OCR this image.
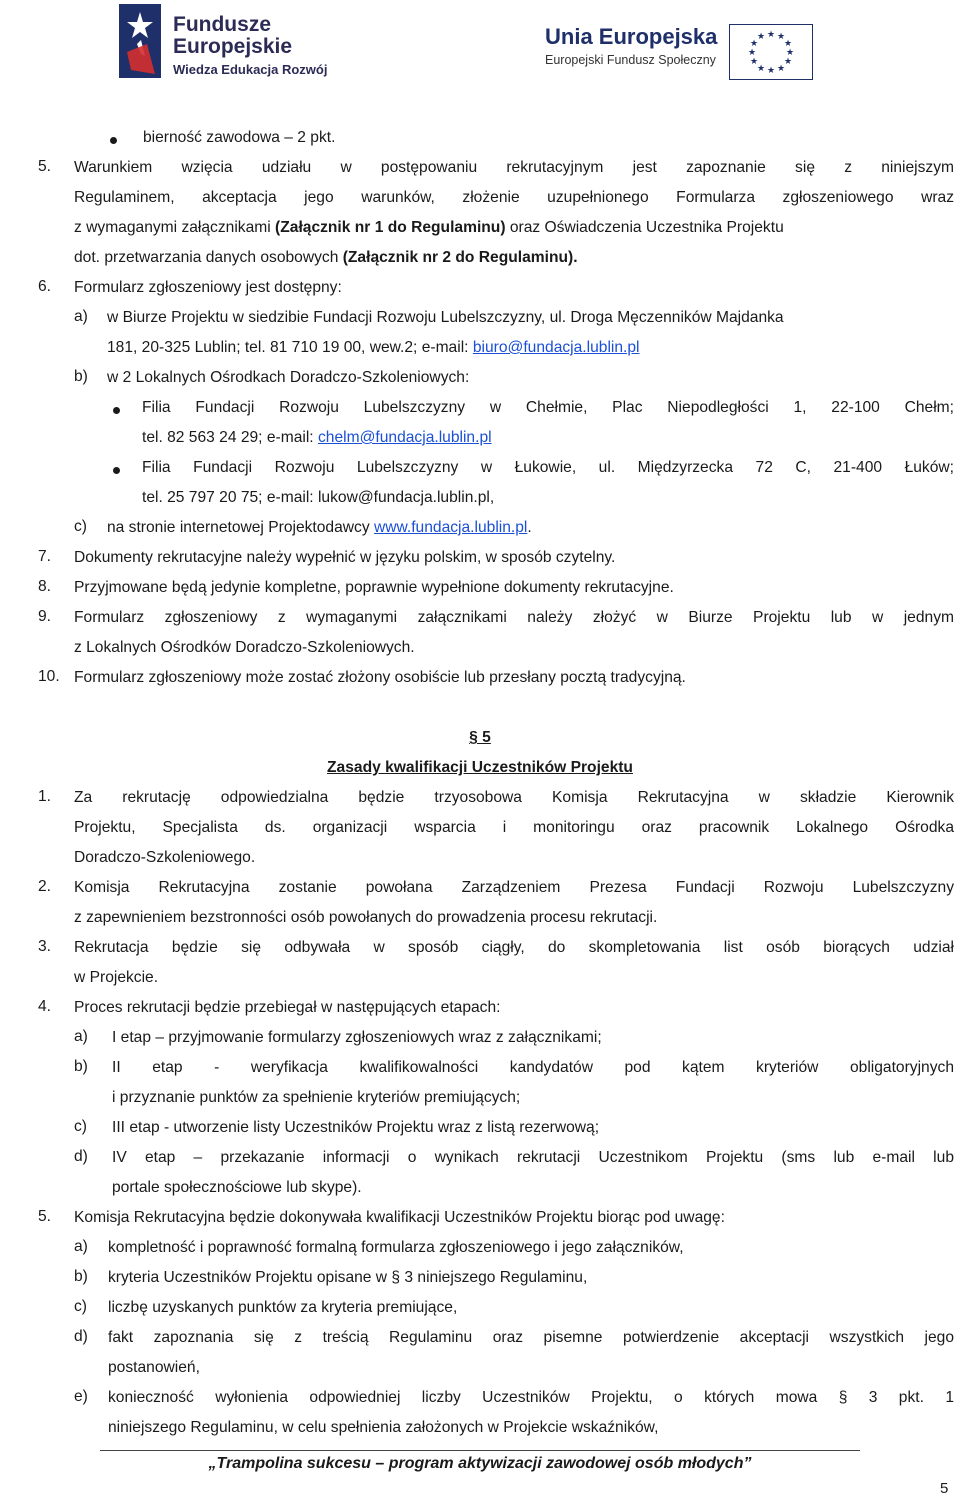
Fundusze
Europejskie
Wiedza Edukacja Rozwój
Unia Europejska
Europejski Fundusz Społeczny
★ ★
★
★
★
★
★
★
★
★
★
★
bierność zawodowa – 2 pkt.
5. Warunkiem wzięcia udziału w postępowaniu rekrutacyjnym jest zapoznanie się z niniejszym
Regulaminem, akceptacja jego warunków, złożenie uzupełnionego Formularza zgłoszeniowego wraz
z wymaganymi załącznikami (Załącznik nr 1 do Regulaminu) oraz Oświadczenia Uczestnika Projektu
dot. przetwarzania danych osobowych (Załącznik nr 2 do Regulaminu).
6. Formularz zgłoszeniowy jest dostępny:
a) w Biurze Projektu w siedzibie Fundacji Rozwoju Lubelszczyzny, ul. Droga Męczenników Majdanka
181, 20-325 Lublin; tel. 81 710 19 00, wew.2; e-mail: biuro@fundacja.lublin.pl
b) w 2 Lokalnych Ośrodkach Doradczo-Szkoleniowych:
Filia Fundacji Rozwoju Lubelszczyzny w Chełmie, Plac Niepodległości 1, 22-100 Chełm;
tel. 82 563 24 29; e-mail: chelm@fundacja.lublin.pl
Filia Fundacji Rozwoju Lubelszczyzny w Łukowie, ul. Międzyrzecka 72 C, 21-400 Łuków;
tel. 25 797 20 75; e-mail: lukow@fundacja.lublin.pl,
c) na stronie internetowej Projektodawcy www.fundacja.lublin.pl.
7. Dokumenty rekrutacyjne należy wypełnić w języku polskim, w sposób czytelny.
8. Przyjmowane będą jedynie kompletne, poprawnie wypełnione dokumenty rekrutacyjne.
9. Formularz zgłoszeniowy z wymaganymi załącznikami należy złożyć w Biurze Projektu lub w jednym
z Lokalnych Ośrodków Doradczo-Szkoleniowych.
10. Formularz zgłoszeniowy może zostać złożony osobiście lub przesłany pocztą tradycyjną.
§ 5
Zasady kwalifikacji Uczestników Projektu
1. Za rekrutację odpowiedzialna będzie trzyosobowa Komisja Rekrutacyjna w składzie Kierownik
Projektu, Specjalista ds. organizacji wsparcia i monitoringu oraz pracownik Lokalnego Ośrodka
Doradczo-Szkoleniowego.
2. Komisja Rekrutacyjna zostanie powołana Zarządzeniem Prezesa Fundacji Rozwoju Lubelszczyzny
z zapewnieniem bezstronności osób powołanych do prowadzenia procesu rekrutacji.
3. Rekrutacja będzie się odbywała w sposób ciągły, do skompletowania list osób biorących udział
w Projekcie.
4. Proces rekrutacji będzie przebiegał w następujących etapach:
a) I etap – przyjmowanie formularzy zgłoszeniowych wraz z załącznikami;
b) II etap - weryfikacja kwalifikowalności kandydatów pod kątem kryteriów obligatoryjnych
i przyznanie punktów za spełnienie kryteriów premiujących;
c) III etap - utworzenie listy Uczestników Projektu wraz z listą rezerwową;
d) IV etap – przekazanie informacji o wynikach rekrutacji Uczestnikom Projektu (sms lub e-mail lub
portale społecznościowe lub skype).
5. Komisja Rekrutacyjna będzie dokonywała kwalifikacji Uczestników Projektu biorąc pod uwagę:
a) kompletność i poprawność formalną formularza zgłoszeniowego i jego załączników,
b) kryteria Uczestników Projektu opisane w § 3 niniejszego Regulaminu,
c) liczbę uzyskanych punktów za kryteria premiujące,
d) fakt zapoznania się z treścią Regulaminu oraz pisemne potwierdzenie akceptacji wszystkich jego
postanowień,
e) konieczność wyłonienia odpowiedniej liczby Uczestników Projektu, o których mowa § 3 pkt. 1
niniejszego Regulaminu, w celu spełnienia założonych w Projekcie wskaźników,
„Trampolina sukcesu – program aktywizacji zawodowej osób młodych”
5
